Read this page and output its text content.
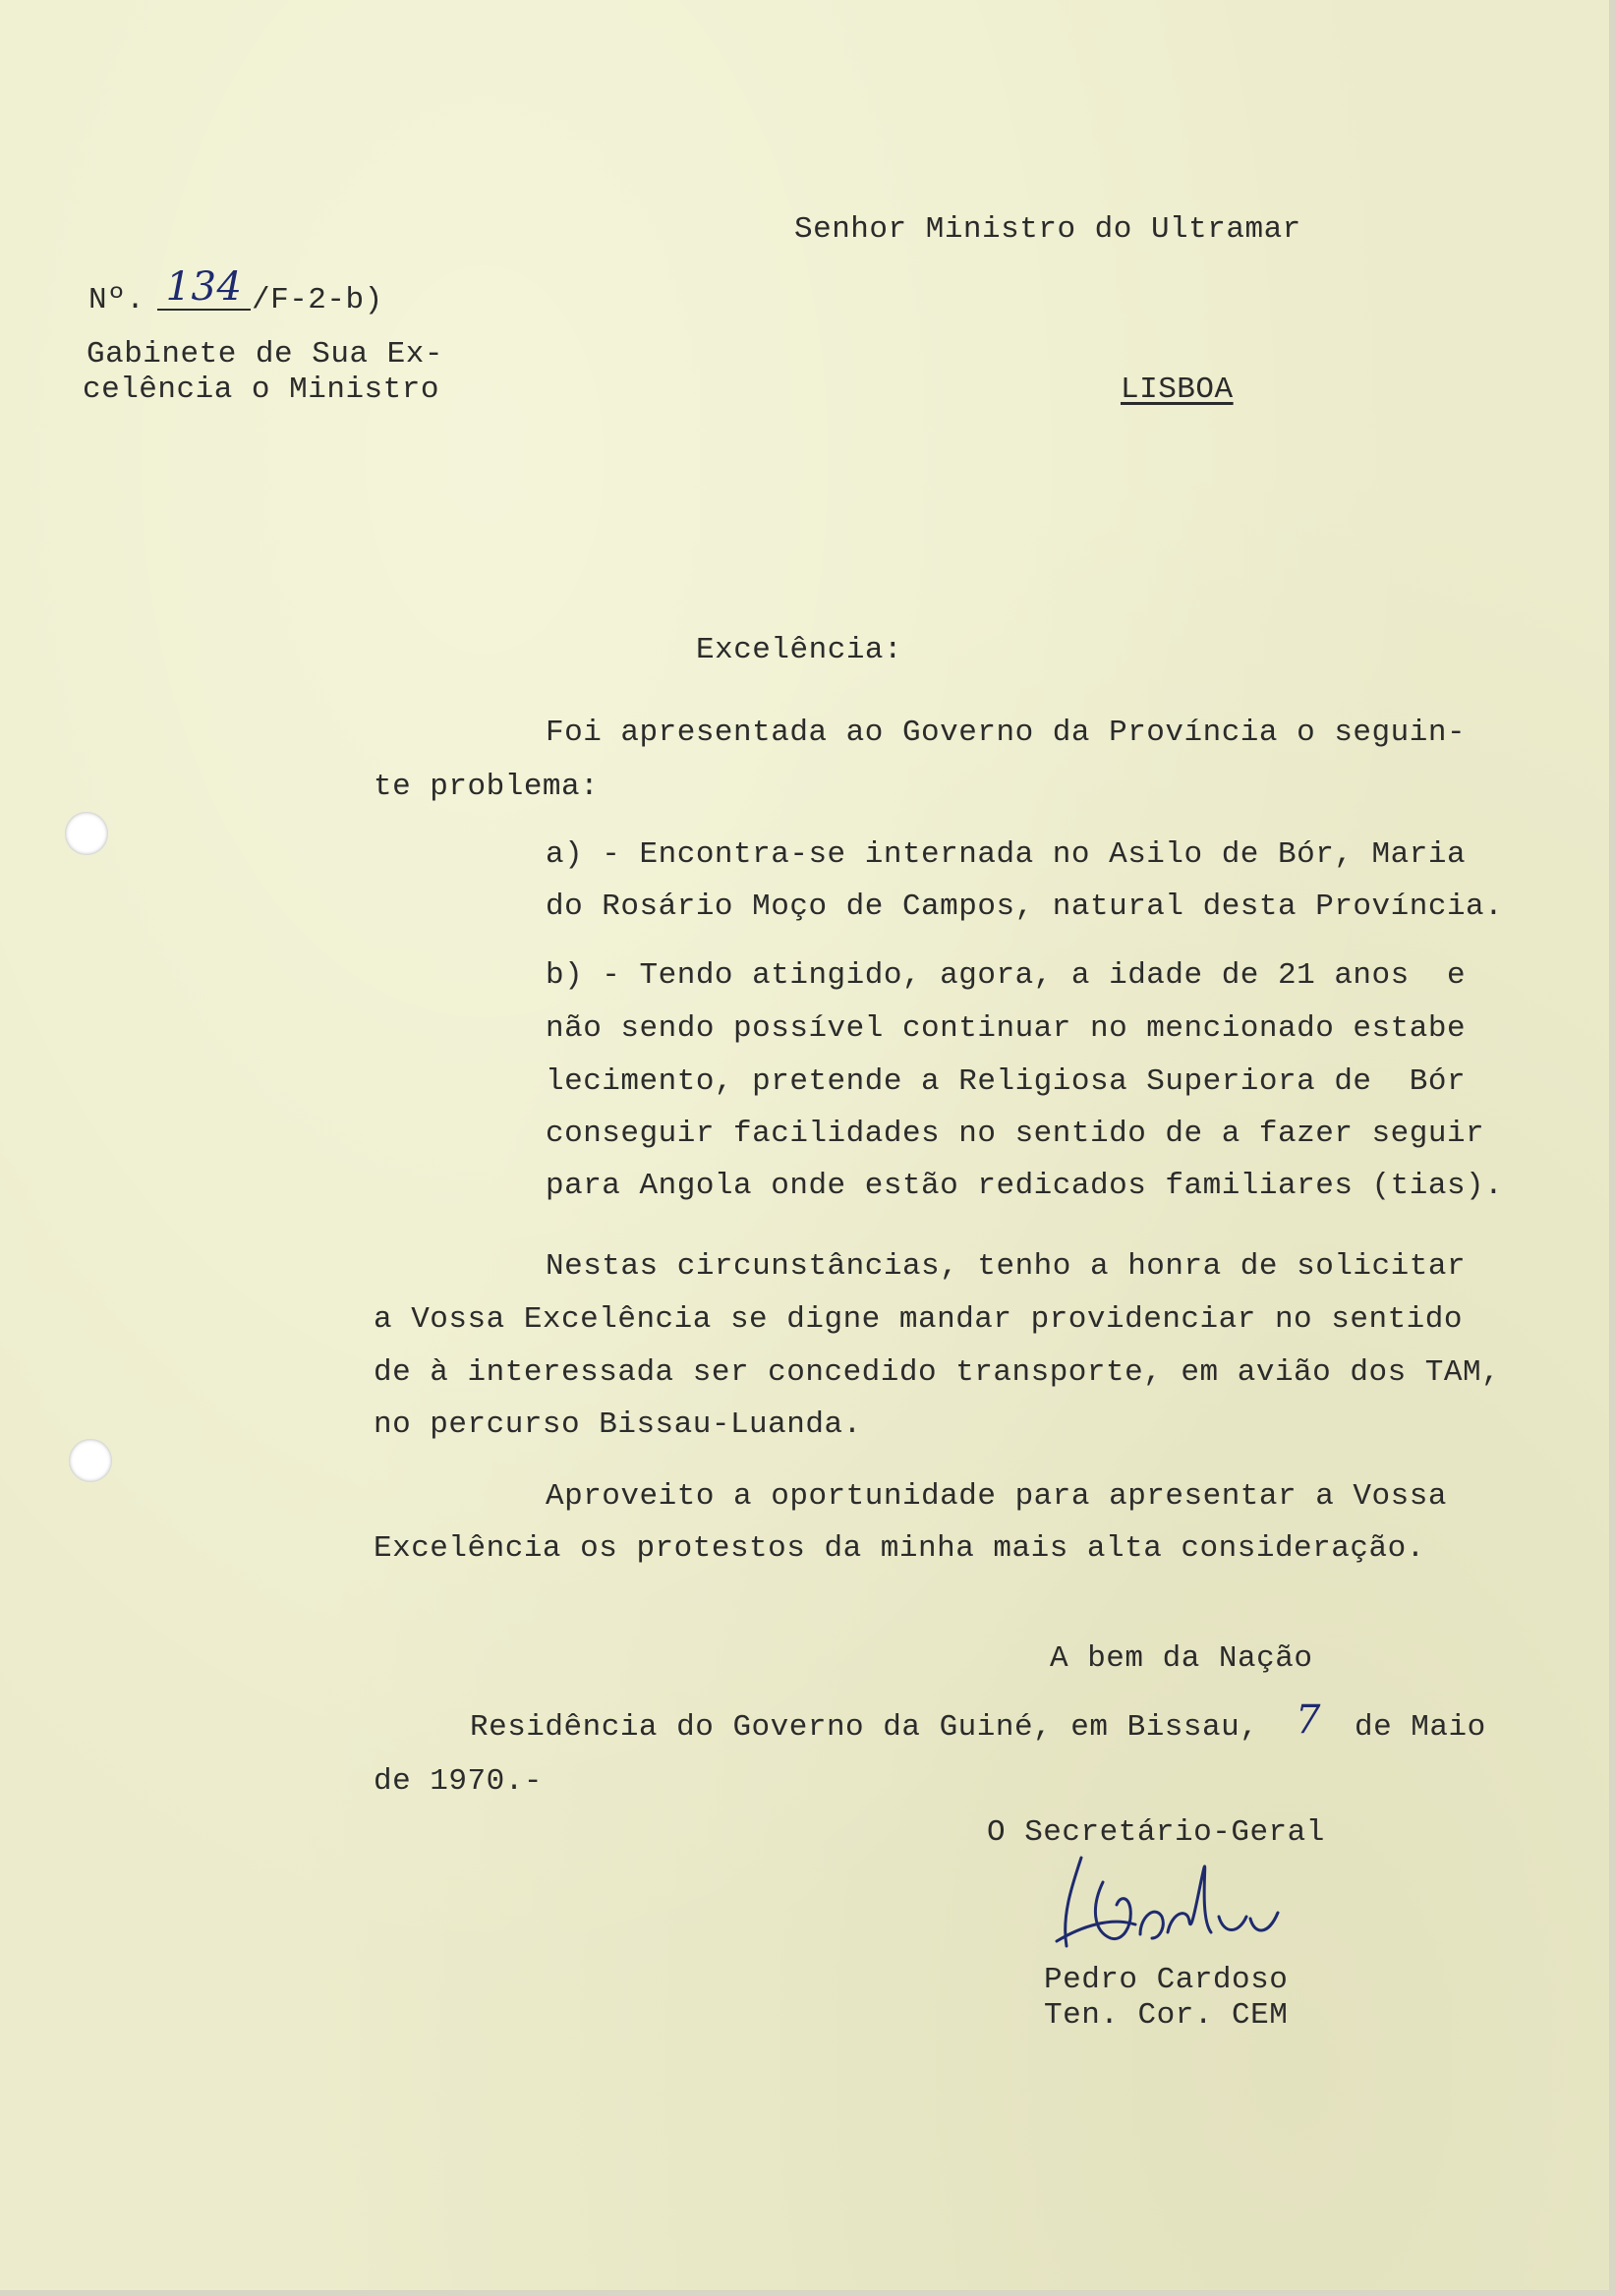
Senhor Ministro do Ultramar
Nº. 134 /F-2-b)
Gabinete de Sua Ex-
celência o Ministro	LISBOA
Excelência:
Foi apresentada ao Governo da Província o seguin-
te problema:
a) - Encontra-se internada no Asilo de Bór, Maria
do Rosário Moço de Campos, natural desta Província.
b) - Tendo atingido, agora, a idade de 21 anos  e
não sendo possível continuar no mencionado estabe
lecimento, pretende a Religiosa Superiora de  Bór
conseguir facilidades no sentido de a fazer seguir
para Angola onde estão redicados familiares (tias).
Nestas circunstâncias, tenho a honra de solicitar
a Vossa Excelência se digne mandar providenciar no sentido
de à interessada ser concedido transporte, em avião dos TAM,
no percurso Bissau-Luanda.
Aproveito a oportunidade para apresentar a Vossa
Excelência os protestos da minha mais alta consideração.
A bem da Nação
Residência do Governo da Guiné, em Bissau, 7 de Maio
de 1970.-
O Secretário-Geral
Pedro Cardoso
Ten. Cor. CEM
